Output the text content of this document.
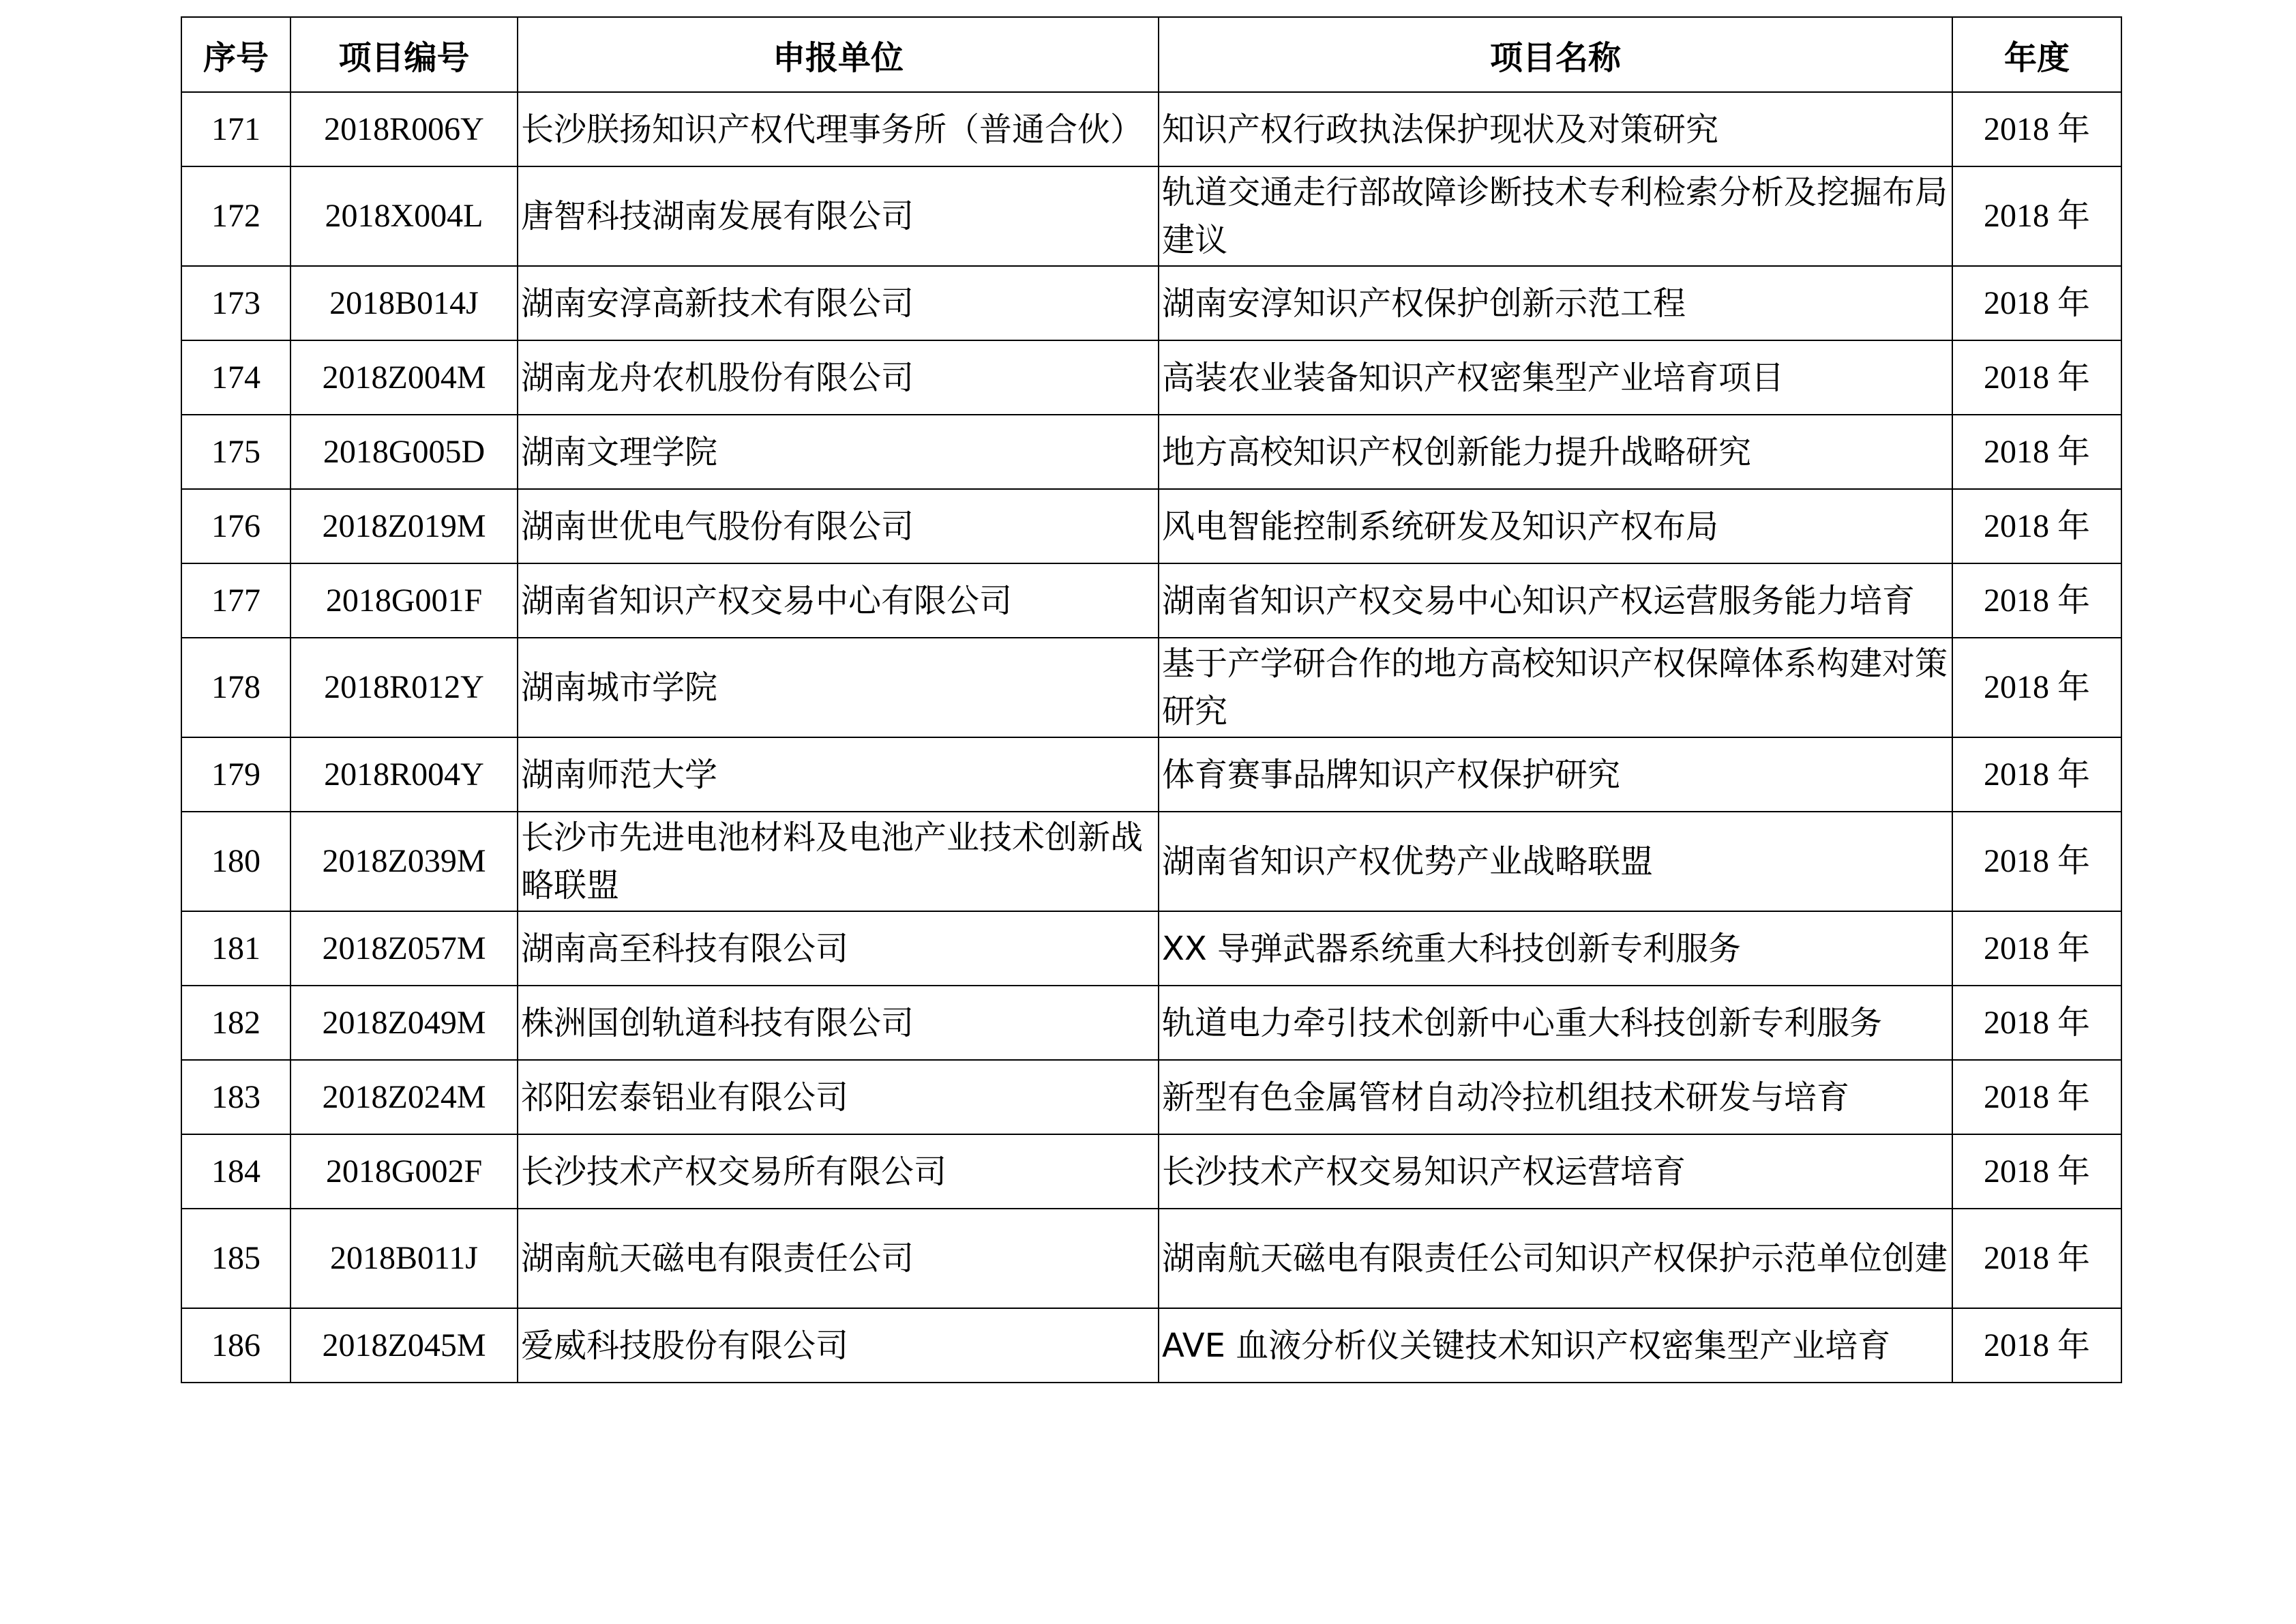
序号	项目编号	申报单位	项目名称	年度
171	2018R006Y	长沙朕扬知识产权代理事务所（普通合伙）	知识产权行政执法保护现状及对策研究	2018 年
172	2018X004L	唐智科技湖南发展有限公司	轨道交通走行部故障诊断技术专利检索分析及挖掘布局建议	2018 年
173	2018B014J	湖南安淳高新技术有限公司	湖南安淳知识产权保护创新示范工程	2018 年
174	2018Z004M	湖南龙舟农机股份有限公司	高装农业装备知识产权密集型产业培育项目	2018 年
175	2018G005D	湖南文理学院	地方高校知识产权创新能力提升战略研究	2018 年
176	2018Z019M	湖南世优电气股份有限公司	风电智能控制系统研发及知识产权布局	2018 年
177	2018G001F	湖南省知识产权交易中心有限公司	湖南省知识产权交易中心知识产权运营服务能力培育	2018 年
178	2018R012Y	湖南城市学院	基于产学研合作的地方高校知识产权保障体系构建对策研究	2018 年
179	2018R004Y	湖南师范大学	体育赛事品牌知识产权保护研究	2018 年
180	2018Z039M	长沙市先进电池材料及电池产业技术创新战略联盟	湖南省知识产权优势产业战略联盟	2018 年
181	2018Z057M	湖南高至科技有限公司	XX 导弹武器系统重大科技创新专利服务	2018 年
182	2018Z049M	株洲国创轨道科技有限公司	轨道电力牵引技术创新中心重大科技创新专利服务	2018 年
183	2018Z024M	祁阳宏泰铝业有限公司	新型有色金属管材自动冷拉机组技术研发与培育	2018 年
184	2018G002F	长沙技术产权交易所有限公司	长沙技术产权交易知识产权运营培育	2018 年
185	2018B011J	湖南航天磁电有限责任公司	湖南航天磁电有限责任公司知识产权保护示范单位创建	2018 年
186	2018Z045M	爱威科技股份有限公司	AVE 血液分析仪关键技术知识产权密集型产业培育	2018 年
